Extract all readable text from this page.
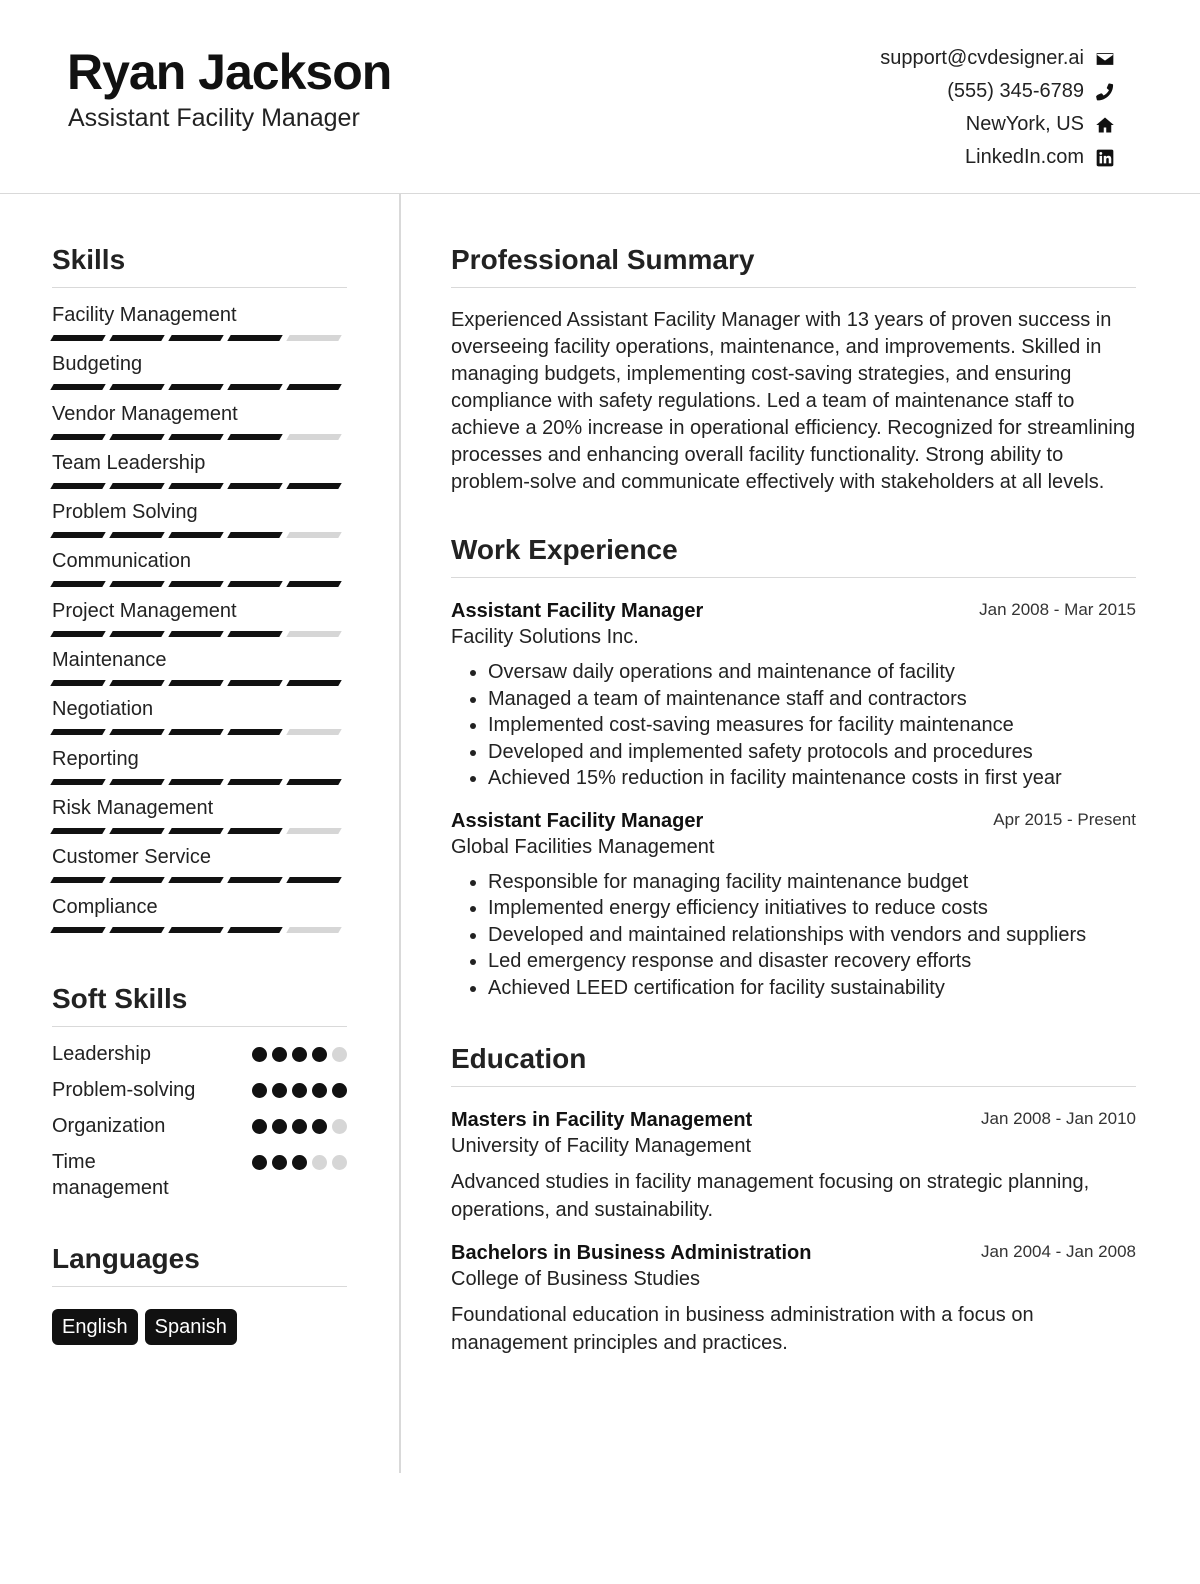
Ryan Jackson
Assistant Facility Manager
support@cvdesigner.ai
(555) 345-6789
NewYork, US
LinkedIn.com
Skills
Facility Management
Budgeting
Vendor Management
Team Leadership
Problem Solving
Communication
Project Management
Maintenance
Negotiation
Reporting
Risk Management
Customer Service
Compliance
Soft Skills
Leadership
Problem-solving
Organization
Time management
Languages
English	Spanish
Professional Summary
Experienced Assistant Facility Manager with 13 years of proven success in overseeing facility operations, maintenance, and improvements. Skilled in managing budgets, implementing cost-saving strategies, and ensuring compliance with safety regulations. Led a team of maintenance staff to achieve a 20% increase in operational efficiency. Recognized for streamlining processes and enhancing overall facility functionality. Strong ability to problem-solve and communicate effectively with stakeholders at all levels.
Work Experience
Assistant Facility Manager	Jan 2008 - Mar 2015
Facility Solutions Inc.
• Oversaw daily operations and maintenance of facility
• Managed a team of maintenance staff and contractors
• Implemented cost-saving measures for facility maintenance
• Developed and implemented safety protocols and procedures
• Achieved 15% reduction in facility maintenance costs in first year
Assistant Facility Manager	Apr 2015 - Present
Global Facilities Management
• Responsible for managing facility maintenance budget
• Implemented energy efficiency initiatives to reduce costs
• Developed and maintained relationships with vendors and suppliers
• Led emergency response and disaster recovery efforts
• Achieved LEED certification for facility sustainability
Education
Masters in Facility Management	Jan 2008 - Jan 2010
University of Facility Management
Advanced studies in facility management focusing on strategic planning, operations, and sustainability.
Bachelors in Business Administration	Jan 2004 - Jan 2008
College of Business Studies
Foundational education in business administration with a focus on management principles and practices.
